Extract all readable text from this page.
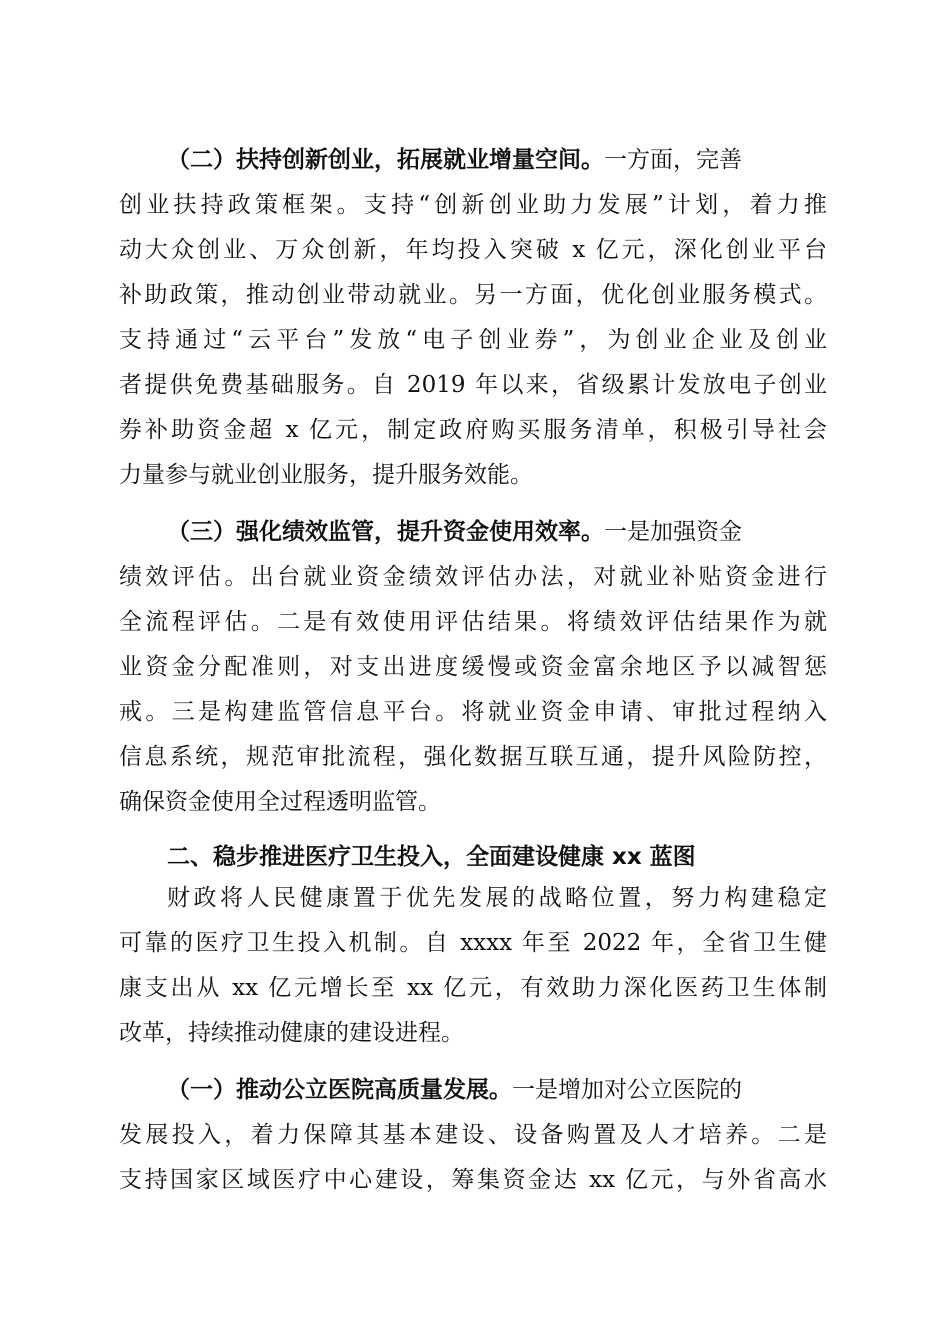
（二）扶持创新创业，拓展就业增量空间。一方面，完善
创业扶持政策框架。支持“创新创业助力发展”计划，着力推
动大众创业、万众创新，年均投入突破 x 亿元，深化创业平台
补助政策，推动创业带动就业。另一方面，优化创业服务模式。
支持通过“云平台”发放“电子创业券”，为创业企业及创业
者提供免费基础服务。自 2019 年以来，省级累计发放电子创业
券补助资金超 x 亿元，制定政府购买服务清单，积极引导社会
力量参与就业创业服务，提升服务效能。
（三）强化绩效监管，提升资金使用效率。一是加强资金
绩效评估。出台就业资金绩效评估办法，对就业补贴资金进行
全流程评估。二是有效使用评估结果。将绩效评估结果作为就
业资金分配准则，对支出进度缓慢或资金富余地区予以减智惩
戒。三是构建监管信息平台。将就业资金申请、审批过程纳入
信息系统，规范审批流程，强化数据互联互通，提升风险防控，
确保资金使用全过程透明监管。
二、稳步推进医疗卫生投入，全面建设健康 xx 蓝图
财政将人民健康置于优先发展的战略位置，努力构建稳定
可靠的医疗卫生投入机制。自 xxxx 年至 2022 年，全省卫生健
康支出从 xx 亿元增长至 xx 亿元，有效助力深化医药卫生体制
改革，持续推动健康的建设进程。
（一）推动公立医院高质量发展。一是增加对公立医院的
发展投入，着力保障其基本建设、设备购置及人才培养。二是
支持国家区域医疗中心建设，筹集资金达 xx 亿元，与外省高水
